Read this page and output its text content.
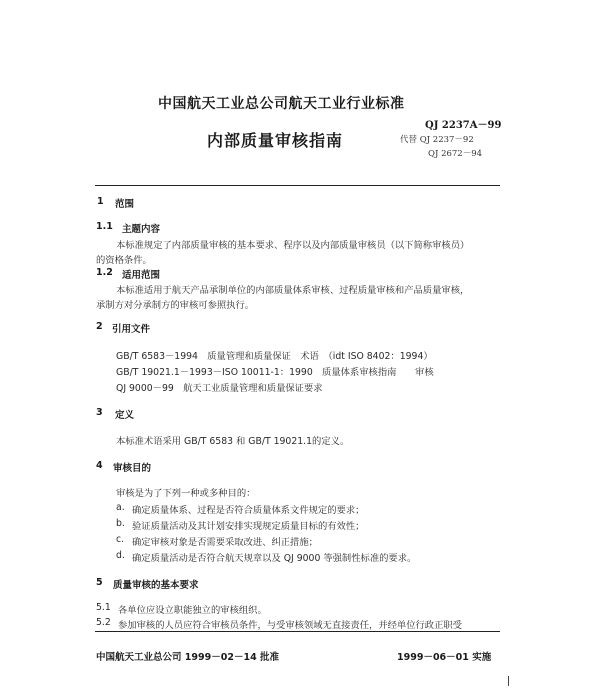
中国航天工业总公司航天工业行业标准
QJ 2237A－99
内部质量审核指南	代替 QJ 2237－92
QJ 2672－94
1 范围
1.1 主题内容
本标准规定了内部质量审核的基本要求、程序以及内部质量审核员（以下简称审核员）
的资格条件。
1.2 适用范围
本标准适用于航天产品承制单位的内部质量体系审核、过程质量审核和产品质量审核，
承制方对分承制方的审核可参照执行。
2 引用文件
GB/T 6583－1994　质量管理和质量保证　术语　（idt ISO 8402：1994）
GB/T 19021.1－1993－ISO 10011-1：1990　质量体系审核指南　　审核
QJ 9000－99　航天工业质量管理和质量保证要求
3 定义
本标准术语采用 GB/T 6583 和 GB/T 19021.1的定义。
4 审核目的
审核是为了下列一种或多种目的：
a. 确定质量体系、过程是否符合质量体系文件规定的要求；
b. 验证质量活动及其计划安排实现规定质量目标的有效性；
c. 确定审核对象是否需要采取改进、纠正措施；
d. 确定质量活动是否符合航天规章以及 QJ 9000 等强制性标准的要求。
5 质量审核的基本要求
5.1 各单位应设立职能独立的审核组织。
5.2 参加审核的人员应符合审核员条件，与受审核领域无直接责任，并经单位行政正职受
中国航天工业总公司 1999－02－14 批准	1999－06－01 实施
